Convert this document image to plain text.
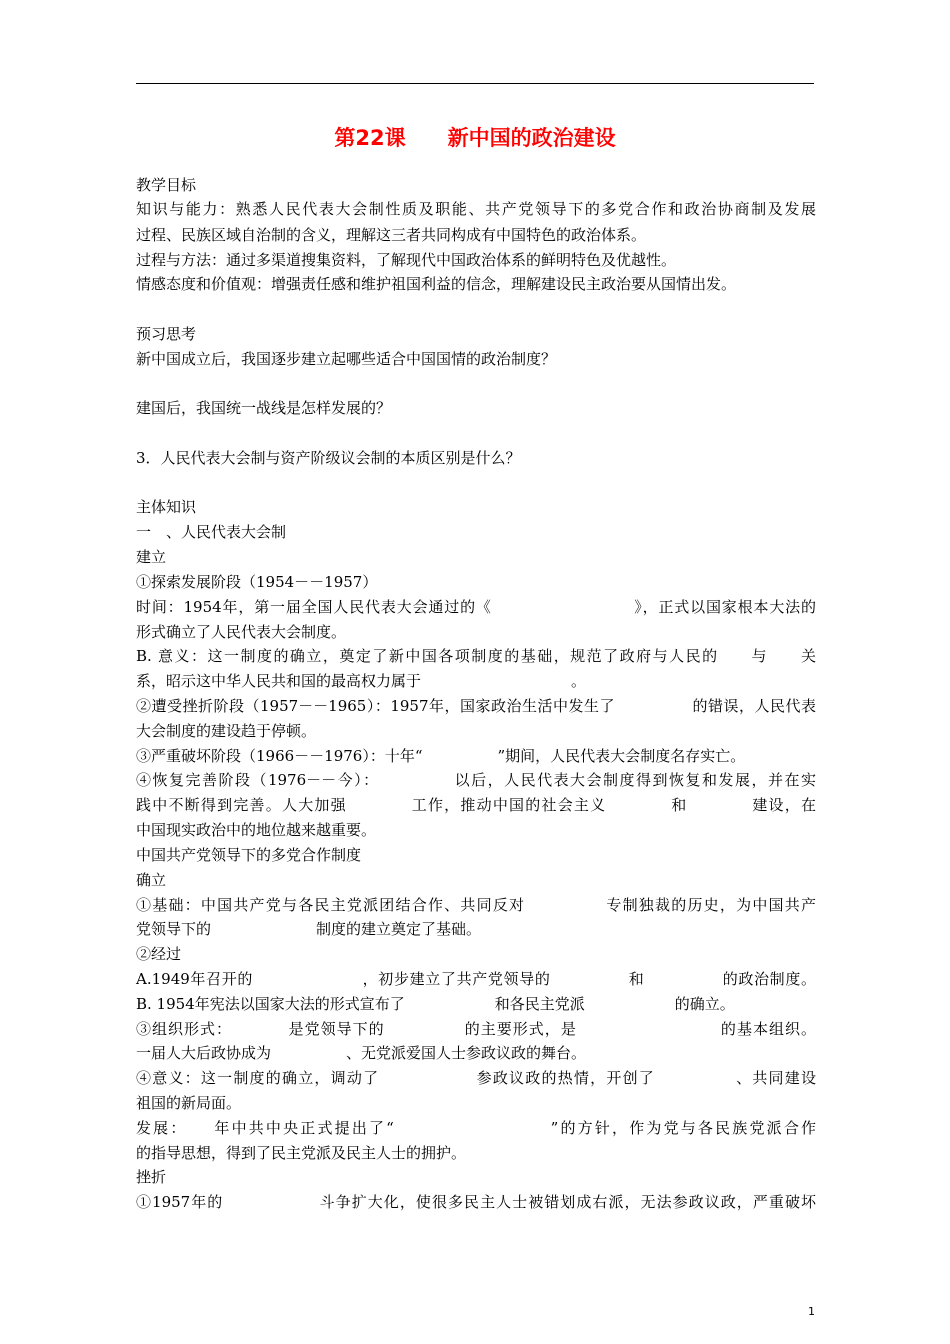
第22课　　新中国的政治建设
教学目标
知识与能力：熟悉人民代表大会制性质及职能、共产党领导下的多党合作和政治协商制及发展
过程、民族区域自治制的含义，理解这三者共同构成有中国特色的政治体系。
过程与方法：通过多渠道搜集资料，了解现代中国政治体系的鲜明特色及优越性。
情感态度和价值观：增强责任感和维护祖国利益的信念，理解建设民主政治要从国情出发。
预习思考
新中国成立后，我国逐步建立起哪些适合中国国情的政治制度？
建国后，我国统一战线是怎样发展的？
3．人民代表大会制与资产阶级议会制的本质区别是什么？
主体知识
一　、人民代表大会制
建立
①探索发展阶段（1954－－1957）
时间：1954年，第一届全国人民代表大会通过的《　　　　　　　　　》，正式以国家根本大法的
形式确立了人民代表大会制度。
B. 意义：这一制度的确立，奠定了新中国各项制度的基础，规范了政府与人民的　　与　　关
系，昭示这中华人民共和国的最高权力属于　　　　　　　　　　。
②遭受挫折阶段（1957－－1965）：1957年，国家政治生活中发生了　　　　　的错误，人民代表
大会制度的建设趋于停顿。
③严重破坏阶段（1966－－1976）：十年“　　　　　”期间，人民代表大会制度名存实亡。
④恢复完善阶段（1976－－今）：　　　　　以后，人民代表大会制度得到恢复和发展，并在实
践中不断得到完善。人大加强　　　　工作，推动中国的社会主义　　　　和　　　　建设，在
中国现实政治中的地位越来越重要。
中国共产党领导下的多党合作制度
确立
①基础：中国共产党与各民主党派团结合作、共同反对　　　　　专制独裁的历史，为中国共产
党领导下的　　　　　　　制度的建立奠定了基础。
②经过
A.1949年召开的　　　　　　　，初步建立了共产党领导的　　　　　和　　　　　的政治制度。
B. 1954年宪法以国家大法的形式宣布了　　　　　　和各民主党派　　　　　　的确立。
③组织形式：　　　　是党领导下的　　　　　的主要形式，是　　　　　　　　　的基本组织。
一届人大后政协成为　　　　　、无党派爱国人士参政议政的舞台。
④意义：这一制度的确立，调动了　　　　　　参政议政的热情，开创了　　　　　、共同建设
祖国的新局面。
发展：　　年中共中央正式提出了“　　　　　　　　　”的方针，作为党与各民族党派合作
的指导思想，得到了民主党派及民主人士的拥护。
挫折
①1957年的　　　　　　斗争扩大化，使很多民主人士被错划成右派，无法参政议政，严重破坏
1
